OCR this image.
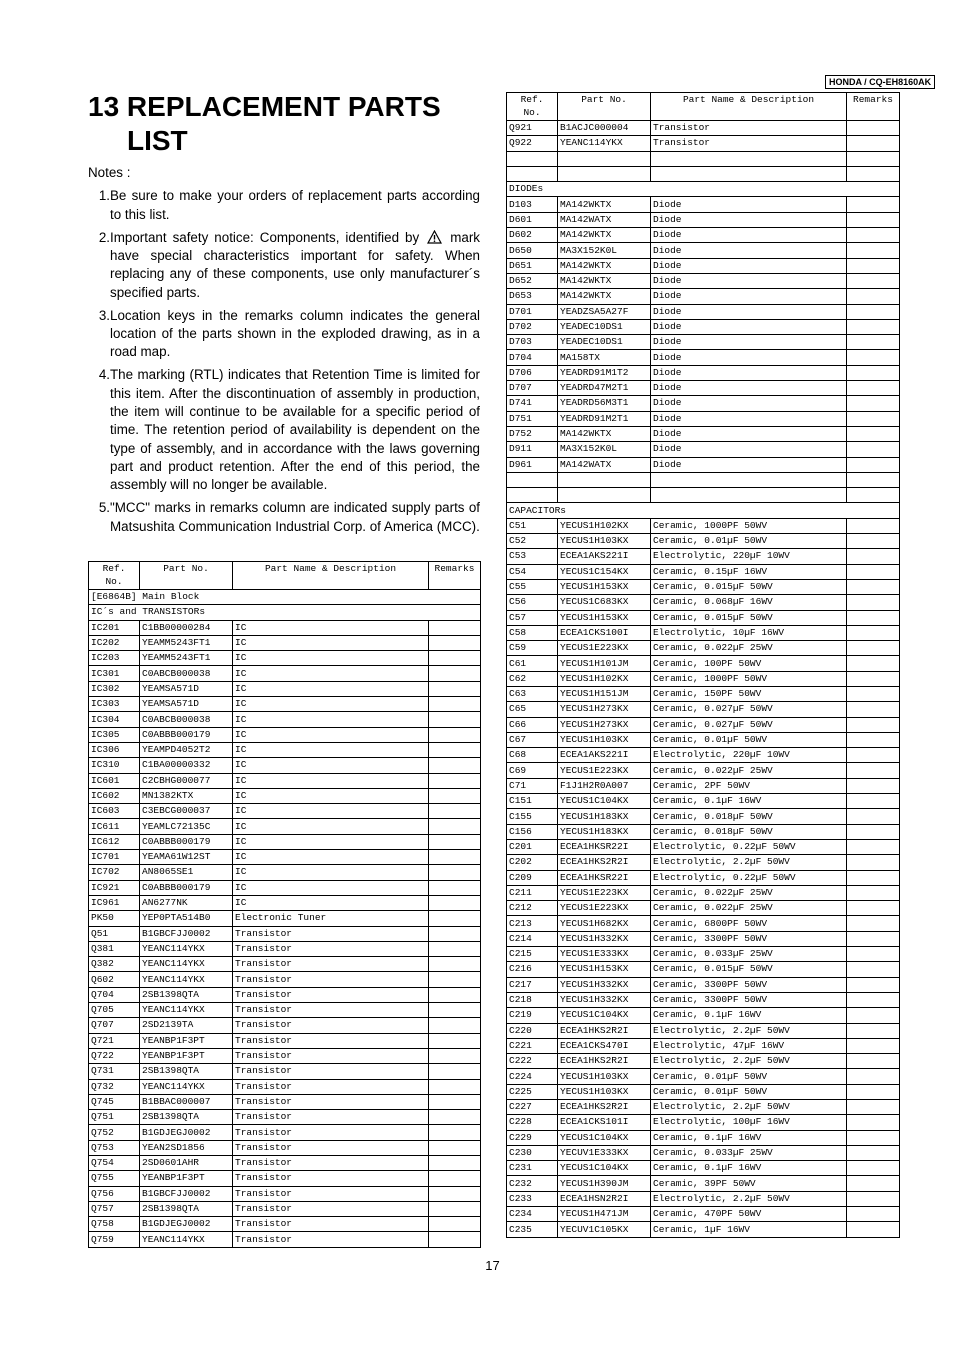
HONDA / CQ-EH8160AK
13 REPLACEMENT PARTS
LIST
Notes :
1. Be sure to make your orders of replacement parts according to this list.
2. Important safety notice: Components, identified by mark have special characteristics important for safety. When replacing any of these components, use only manufacturer´s specified parts.
3. Location keys in the remarks column indicates the general location of the parts shown in the exploded drawing, as in a road map.
4. The marking (RTL) indicates that Retention Time is limited for this item. After the discontinuation of assembly in production, the item will continue to be available for a specific period of time. The retention period of availability is dependent on the type of assembly, and in accordance with the laws governing part and product retention. After the end of this period, the assembly will no longer be available.
5. "MCC" marks in remarks column are indicated supply parts of Matsushita Communication Industrial Corp. of America (MCC).
Ref.
No.	Part No.	Part Name & Description	Remarks
[E6864B] Main Block			
IC´s and TRANSISTORs			
IC201	C1BB00000284	IC	
IC202	YEAMM5243FT1	IC	
IC203	YEAMM5243FT1	IC	
IC301	C0ABCB000038	IC	
IC302	YEAMSA571D	IC	
IC303	YEAMSA571D	IC	
IC304	C0ABCB000038	IC	
IC305	C0ABBB000179	IC	
IC306	YEAMPD4052T2	IC	
IC310	C1BA00000332	IC	
IC601	C2CBHG000077	IC	
IC602	MN1382KTX	IC	
IC603	C3EBCG000037	IC	
IC611	YEAMLC72135C	IC	
IC612	C0ABBB000179	IC	
IC701	YEAMA61W12ST	IC	
IC702	AN8065SE1	IC	
IC921	C0ABBB000179	IC	
IC961	AN6277NK	IC	
PK50	YEP0PTA514B0	Electronic Tuner	
Q51	B1GBCFJJ0002	Transistor	
Q381	YEANC114YKX	Transistor	
Q382	YEANC114YKX	Transistor	
Q602	YEANC114YKX	Transistor	
Q704	2SB1398QTA	Transistor	
Q705	YEANC114YKX	Transistor	
Q707	2SD2139TA	Transistor	
Q721	YEANBP1F3PT	Transistor	
Q722	YEANBP1F3PT	Transistor	
Q731	2SB1398QTA	Transistor	
Q732	YEANC114YKX	Transistor	
Q745	B1BBAC000007	Transistor	
Q751	2SB1398QTA	Transistor	
Q752	B1GDJEGJ0002	Transistor	
Q753	YEAN2SD1856	Transistor	
Q754	2SD0601AHR	Transistor	
Q755	YEANBP1F3PT	Transistor	
Q756	B1GBCFJJ0002	Transistor	
Q757	2SB1398QTA	Transistor	
Q758	B1GDJEGJ0002	Transistor	
Q759	YEANC114YKX	Transistor	
Ref.
No.	Part No.	Part Name & Description	Remarks
Q921	B1ACJC000004	Transistor	
Q922	YEANC114YKX	Transistor	

DIODEs			
D103	MA142WKTX	Diode	
D601	MA142WATX	Diode	
D602	MA142WKTX	Diode	
D650	MA3X152K0L	Diode	
D651	MA142WKTX	Diode	
D652	MA142WKTX	Diode	
D653	MA142WKTX	Diode	
D701	YEADZSA5A27F	Diode	
D702	YEADEC10DS1	Diode	
D703	YEADEC10DS1	Diode	
D704	MA158TX	Diode	
D706	YEADRD91M1T2	Diode	
D707	YEADRD47M2T1	Diode	
D741	YEADRD56M3T1	Diode	
D751	YEADRD91M2T1	Diode	
D752	MA142WKTX	Diode	
D911	MA3X152K0L	Diode	
D961	MA142WATX	Diode	

CAPACITORs			
C51	YECUS1H102KX	Ceramic, 1000PF 50WV	
C52	YECUS1H103KX	Ceramic, 0.01µF 50WV	
C53	ECEA1AKS221I	Electrolytic, 220µF 10WV	
C54	YECUS1C154KX	Ceramic, 0.15µF 16WV	
C55	YECUS1H153KX	Ceramic, 0.015µF 50WV	
C56	YECUS1C683KX	Ceramic, 0.068µF 16WV	
C57	YECUS1H153KX	Ceramic, 0.015µF 50WV	
C58	ECEA1CKS100I	Electrolytic, 10µF 16WV	
C59	YECUS1E223KX	Ceramic, 0.022µF 25WV	
C61	YECUS1H101JM	Ceramic, 100PF 50WV	
C62	YECUS1H102KX	Ceramic, 1000PF 50WV	
C63	YECUS1H151JM	Ceramic, 150PF 50WV	
C65	YECUS1H273KX	Ceramic, 0.027µF 50WV	
C66	YECUS1H273KX	Ceramic, 0.027µF 50WV	
C67	YECUS1H103KX	Ceramic, 0.01µF 50WV	
C68	ECEA1AKS221I	Electrolytic, 220µF 10WV	
C69	YECUS1E223KX	Ceramic, 0.022µF 25WV	
C71	F1J1H2R0A007	Ceramic, 2PF 50WV	
C151	YECUS1C104KX	Ceramic, 0.1µF 16WV	
C155	YECUS1H183KX	Ceramic, 0.018µF 50WV	
C156	YECUS1H183KX	Ceramic, 0.018µF 50WV	
C201	ECEA1HKSR22I	Electrolytic, 0.22µF 50WV	
C202	ECEA1HKS2R2I	Electrolytic, 2.2µF 50WV	
C209	ECEA1HKSR22I	Electrolytic, 0.22µF 50WV	
C211	YECUS1E223KX	Ceramic, 0.022µF 25WV	
C212	YECUS1E223KX	Ceramic, 0.022µF 25WV	
C213	YECUS1H682KX	Ceramic, 6800PF 50WV	
C214	YECUS1H332KX	Ceramic, 3300PF 50WV	
C215	YECUS1E333KX	Ceramic, 0.033µF 25WV	
C216	YECUS1H153KX	Ceramic, 0.015µF 50WV	
C217	YECUS1H332KX	Ceramic, 3300PF 50WV	
C218	YECUS1H332KX	Ceramic, 3300PF 50WV	
C219	YECUS1C104KX	Ceramic, 0.1µF 16WV	
C220	ECEA1HKS2R2I	Electrolytic, 2.2µF 50WV	
C221	ECEA1CKS470I	Electrolytic, 47µF 16WV	
C222	ECEA1HKS2R2I	Electrolytic, 2.2µF 50WV	
C224	YECUS1H103KX	Ceramic, 0.01µF 50WV	
C225	YECUS1H103KX	Ceramic, 0.01µF 50WV	
C227	ECEA1HKS2R2I	Electrolytic, 2.2µF 50WV	
C228	ECEA1CKS101I	Electrolytic, 100µF 16WV	
C229	YECUS1C104KX	Ceramic, 0.1µF 16WV	
C230	YECUV1E333KX	Ceramic, 0.033µF 25WV	
C231	YECUS1C104KX	Ceramic, 0.1µF 16WV	
C232	YECUS1H390JM	Ceramic, 39PF 50WV	
C233	ECEA1HSN2R2I	Electrolytic, 2.2µF 50WV	
C234	YECUS1H471JM	Ceramic, 470PF 50WV	
C235	YECUV1C105KX	Ceramic, 1µF 16WV	
17
